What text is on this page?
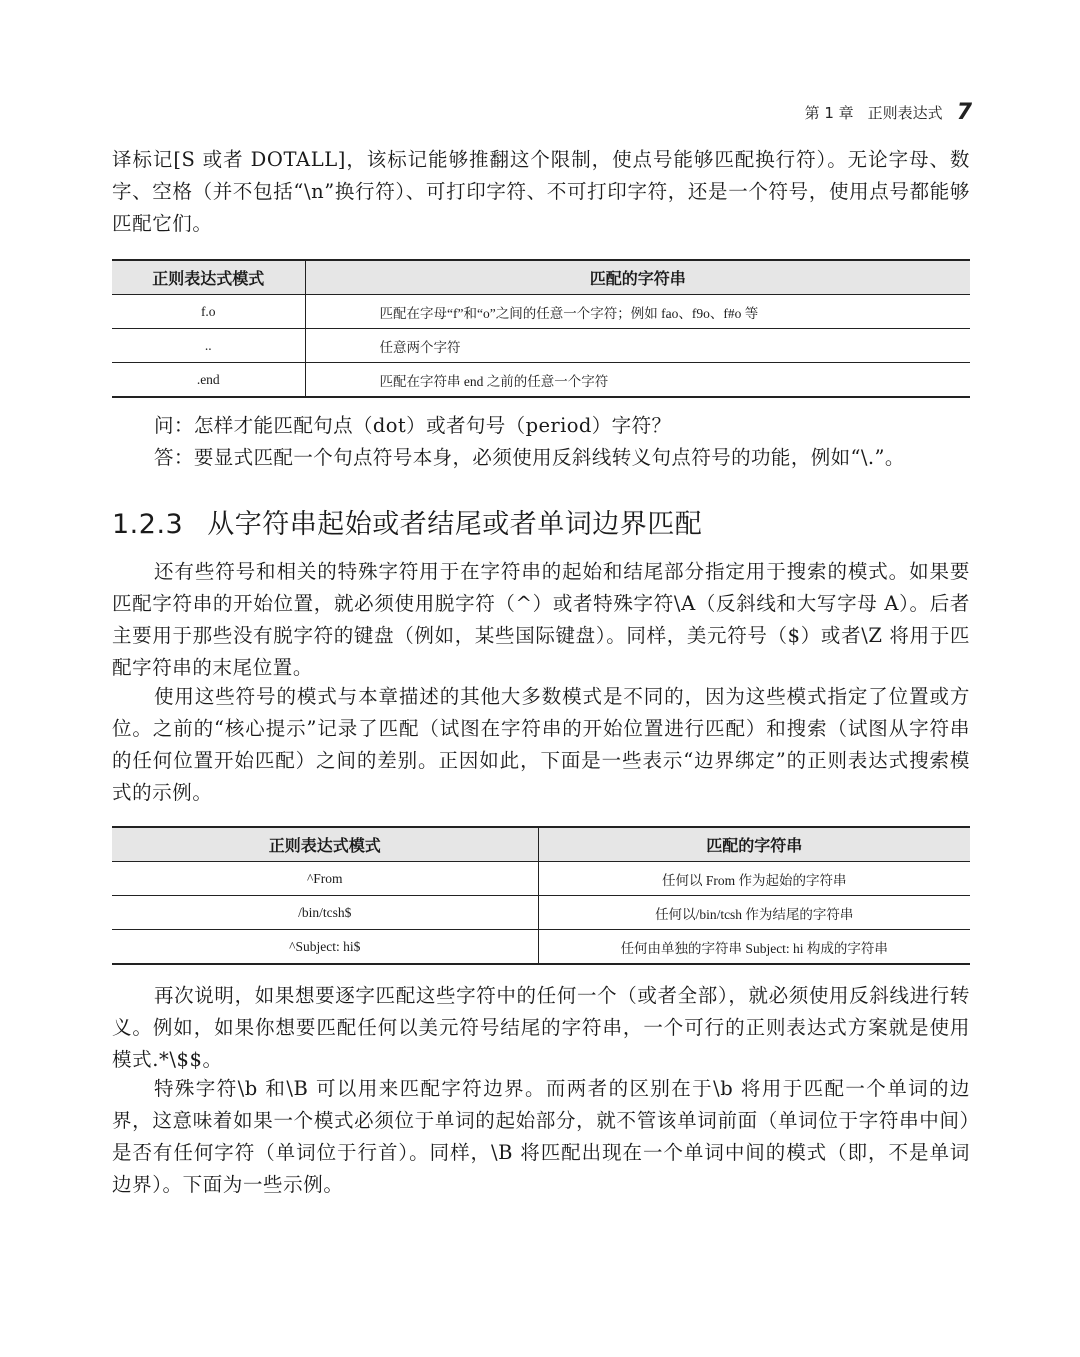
第 1 章 正则表达式 7

译标记[S 或者 DOTALL]，该标记能够推翻这个限制，使点号能够匹配换行符）。无论字母、数字、空格（并不包括“\n”换行符）、可打印字符、不可打印字符，还是一个符号，使用点号都能够匹配它们。

正则表达式模式	匹配的字符串
f.o	匹配在字母“f”和“o”之间的任意一个字符；例如 fao、f9o、f#o 等
..	任意两个字符
.end	匹配在字符串 end 之前的任意一个字符
问：怎样才能匹配句点（dot）或者句号（period）字符？
答：要显式匹配一个句点符号本身，必须使用反斜线转义句点符号的功能，例如“\.”。
1.2.3 从字符串起始或者结尾或者单词边界匹配

还有些符号和相关的特殊字符用于在字符串的起始和结尾部分指定用于搜索的模式。如果要匹配字符串的开始位置，就必须使用脱字符（^）或者特殊字符\A（反斜线和大写字母 A）。后者主要用于那些没有脱字符的键盘（例如，某些国际键盘）。同样，美元符号（$）或者\Z 将用于匹配字符串的末尾位置。

使用这些符号的模式与本章描述的其他大多数模式是不同的，因为这些模式指定了位置或方位。之前的“核心提示”记录了匹配（试图在字符串的开始位置进行匹配）和搜索（试图从字符串的任何位置开始匹配）之间的差别。正因如此，下面是一些表示“边界绑定”的正则表达式搜索模式的示例。

正则表达式模式	匹配的字符串
^From	任何以 From 作为起始的字符串
/bin/tcsh$	任何以/bin/tcsh 作为结尾的字符串
^Subject: hi$	任何由单独的字符串 Subject: hi 构成的字符串

再次说明，如果想要逐字匹配这些字符中的任何一个（或者全部），就必须使用反斜线进行转义。例如，如果你想要匹配任何以美元符号结尾的字符串，一个可行的正则表达式方案就是使用模式.*\$$。

特殊字符\b 和\B 可以用来匹配字符边界。而两者的区别在于\b 将用于匹配一个单词的边界，这意味着如果一个模式必须位于单词的起始部分，就不管该单词前面（单词位于字符串中间）是否有任何字符（单词位于行首）。同样，\B 将匹配出现在一个单词中间的模式（即，不是单词边界）。下面为一些示例。
